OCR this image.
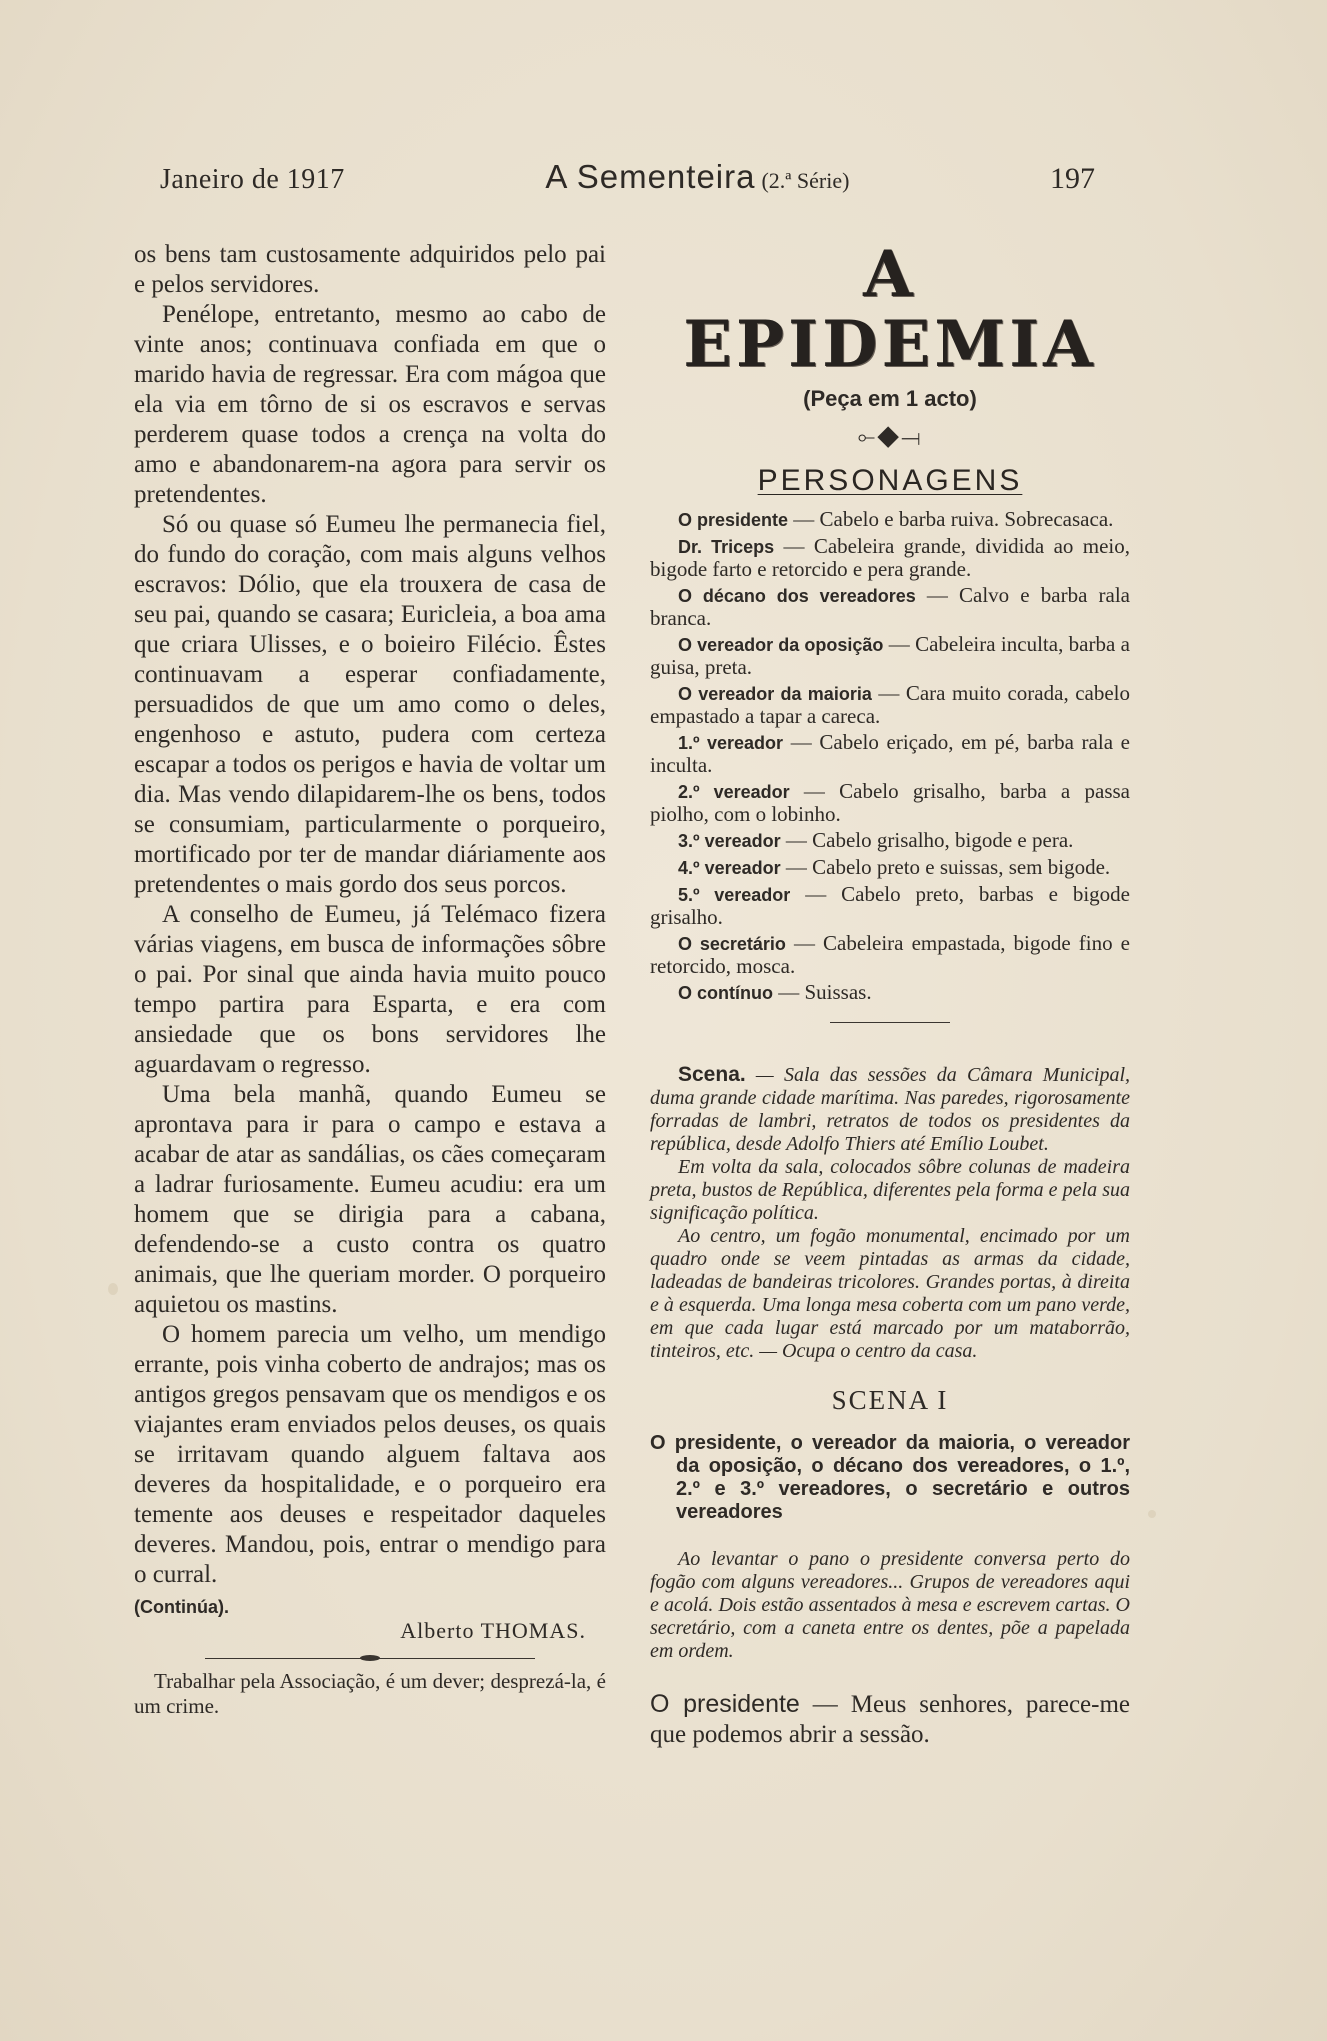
Janeiro de 1917	A Sementeira (2.ª Série)	197

os bens tam custosamente adquiridos pelo pai e pelos servidores.

Penélope, entretanto, mesmo ao cabo de vinte anos; continuava confiada em que o marido havia de regressar. Era com mágoa que ela via em tôrno de si os escravos e servas perderem quase todos a crença na volta do amo e abandonarem-na agora para servir os pretendentes.

Só ou quase só Eumeu lhe permanecia fiel, do fundo do coração, com mais alguns velhos escravos: Dólio, que ela trouxera de casa de seu pai, quando se casara; Euricleia, a boa ama que criara Ulisses, e o boieiro Filécio. Êstes continuavam a esperar confiadamente, persuadidos de que um amo como o deles, engenhoso e astuto, pudera com certeza escapar a todos os perigos e havia de voltar um dia. Mas vendo dilapidarem-lhe os bens, todos se consumiam, particularmente o porqueiro, mortificado por ter de mandar diáriamente aos pretendentes o mais gordo dos seus porcos.

A conselho de Eumeu, já Telémaco fizera várias viagens, em busca de informações sôbre o pai. Por sinal que ainda havia muito pouco tempo partira para Esparta, e era com ansiedade que os bons servidores lhe aguardavam o regresso.

Uma bela manhã, quando Eumeu se aprontava para ir para o campo e estava a acabar de atar as sandálias, os cães começaram a ladrar furiosamente. Eumeu acudiu: era um homem que se dirigia para a cabana, defendendo-se a custo contra os quatro animais, que lhe queriam morder. O porqueiro aquietou os mastins.

O homem parecia um velho, um mendigo errante, pois vinha coberto de andrajos; mas os antigos gregos pensavam que os mendigos e os viajantes eram enviados pelos deuses, os quais se irritavam quando alguem faltava aos deveres da hospitalidade, e o porqueiro era temente aos deuses e respeitador daqueles deveres. Mandou, pois, entrar o mendigo para o curral.

(Continúa).
Alberto THOMAS.
Trabalhar pela Associação, é um dever; desprezá-la, é um crime.
A EPIDEMIA
(Peça em 1 acto)
⟜◆⟞
PERSONAGENS

O presidente — Cabelo e barba ruiva. Sobrecasaca.

Dr. Triceps — Cabeleira grande, dividida ao meio, bigode farto e retorcido e pera grande.

O décano dos vereadores — Calvo e barba rala branca.

O vereador da oposição — Cabeleira inculta, barba a guisa, preta.

O vereador da maioria — Cara muito corada, cabelo empastado a tapar a careca.

1.º vereador — Cabelo eriçado, em pé, barba rala e inculta.

2.º vereador — Cabelo grisalho, barba a passa piolho, com o lobinho.

3.º vereador — Cabelo grisalho, bigode e pera.

4.º vereador — Cabelo preto e suissas, sem bigode.

5.º vereador — Cabelo preto, barbas e bigode grisalho.

O secretário — Cabeleira empastada, bigode fino e retorcido, mosca.

O contínuo — Suissas.

Scena. — Sala das sessões da Câmara Municipal, duma grande cidade marítima. Nas paredes, rigorosamente forradas de lambri, retratos de todos os presidentes da república, desde Adolfo Thiers até Emílio Loubet.

Em volta da sala, colocados sôbre colunas de madeira preta, bustos de República, diferentes pela forma e pela sua significação política.

Ao centro, um fogão monumental, encimado por um quadro onde se veem pintadas as armas da cidade, ladeadas de bandeiras tricolores. Grandes portas, à direita e à esquerda. Uma longa mesa coberta com um pano verde, em que cada lugar está marcado por um mataborrão, tinteiros, etc. — Ocupa o centro da casa.

SCENA I
O presidente, o vereador da maioria, o vereador da oposição, o décano dos vereadores, o 1.º, 2.º e 3.º vereadores, o secretário e outros vereadores
Ao levantar o pano o presidente conversa perto do fogão com alguns vereadores... Grupos de vereadores aqui e acolá. Dois estão assentados à mesa e escrevem cartas. O secretário, com a caneta entre os dentes, põe a papelada em ordem.
O presidente — Meus senhores, parece-me que podemos abrir a sessão.
